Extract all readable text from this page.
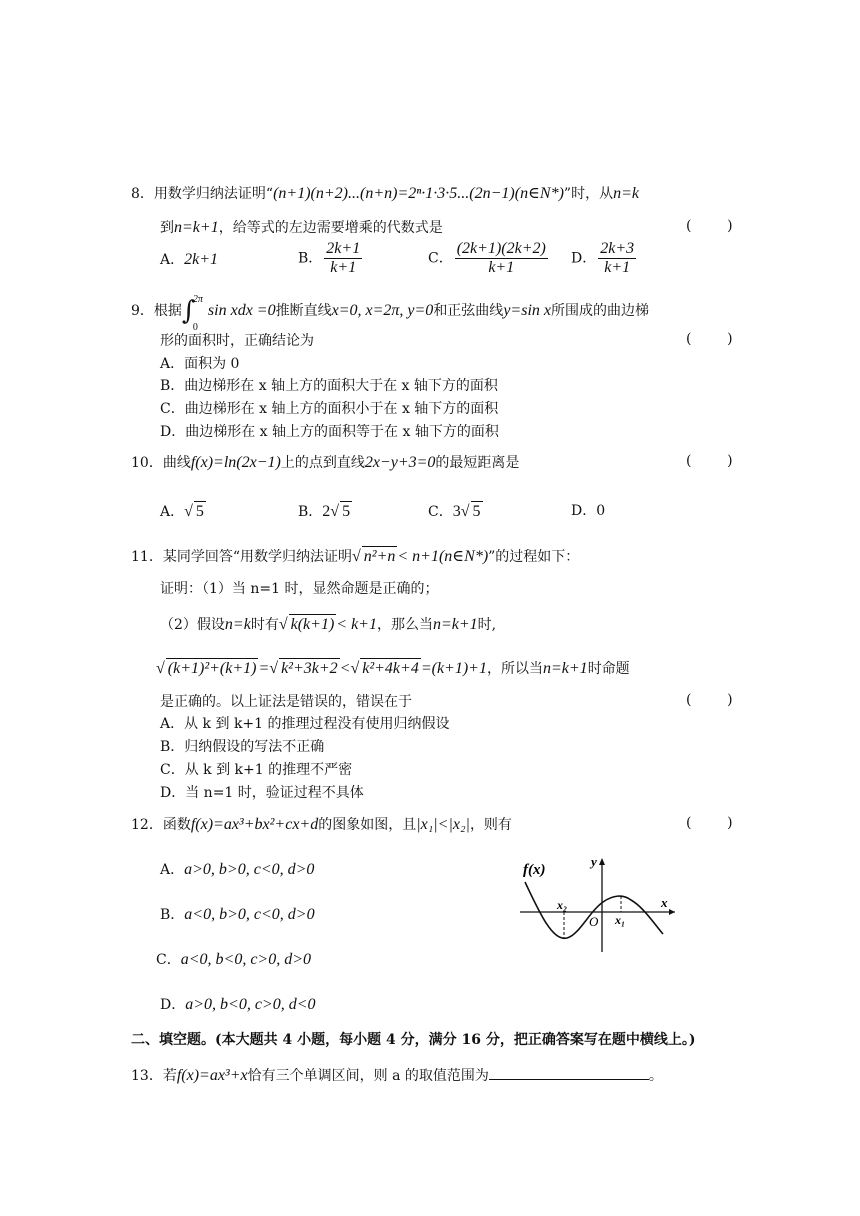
8．用数学归纳法证明“(n+1)(n+2)...(n+n)=2ⁿ·1·3·5...(2n−1)(n∈N*)”时，从n=k
到n=k+1，给等式的左边需要增乘的代数式是	(        )
A．2k+1	B． $\frac{2k+1}{k+1}$	C． $\frac{(2k+1)(2k+2)}{k+1}$ D． $\frac{2k+3}{k+1}$
9．根据 ∫
2π
0
sin xdx =0推断直线x=0, x=2π, y=0和正弦曲线y=sin x所围成的曲边梯
形的面积时，正确结论为	(        )
A．面积为 0
B．曲边梯形在 x 轴上方的面积大于在 x 轴下方的面积
C．曲边梯形在 x 轴上方的面积小于在 x 轴下方的面积
D．曲边梯形在 x 轴上方的面积等于在 x 轴下方的面积
10．曲线f(x)=ln(2x−1)上的点到直线2x−y+3=0的最短距离是	(        )
A．√ 5	B．2√ 5	C．3√ 5	D．0
11．某同学回答“用数学归纳法证明√ n²+n < n+1(n∈N*)”的过程如下：
证明：（1）当 n=1 时，显然命题是正确的；
（2）假设n=k时有√ k(k+1) < k+1，那么当n=k+1时,
√ (k+1)²+(k+1) =√ k²+3k+2 <√ k²+4k+4 =(k+1)+1，所以当n=k+1时命题
是正确的。以上证法是错误的，错误在于	(        )
A．从 k 到 k+1 的推理过程没有使用归纳假设
B．归纳假设的写法不正确
C．从 k 到 k+1 的推理不严密
D．当 n=1 时，验证过程不具体
12．函数f(x)=ax³+bx²+cx+d的图象如图，且|x₁|<|x₂|，则有	(        )
A．a>0, b>0, c<0, d>0
B．a<0, b>0, c<0, d>0
C．a<0, b<0, c>0, d>0
D．a>0, b<0, c>0, d<0
f(x)
y
x
x₂
x₁
O
二、填空题。(本大题共 4 小题，每小题 4 分，满分 16 分，把正确答案写在题中横线上。)
13．若f(x)=ax³+x恰有三个单调区间，则 a 的取值范围为	。
